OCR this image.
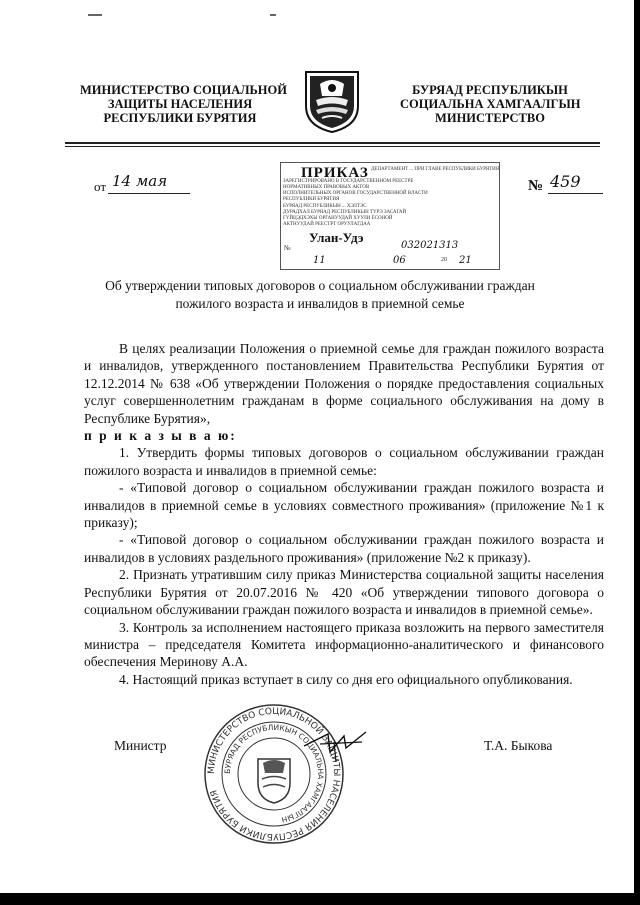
МИНИСТЕРСТВО СОЦИАЛЬНОЙ
ЗАЩИТЫ НАСЕЛЕНИЯ
РЕСПУБЛИКИ БУРЯТИЯ
БУРЯАД РЕСПУБЛИКЫН
СОЦИАЛЬНА ХАМГААЛГЫН
МИНИСТЕРСТВО
от 14 мая	ПРИКАЗ ДЕПАРТАМЕНТ ... ПРИ ГЛАВЕ РЕСПУБЛИКИ БУРЯТИЯ
ЗАРЕГИСТРИРОВАНО В ГОСУДАРСТВЕННОМ РЕЕСТРЕ
НОРМАТИВНЫХ ПРАВОВЫХ АКТОВ
ИСПОЛНИТЕЛЬНЫХ ОРГАНОВ ГОСУДАРСТВЕННОЙ ВЛАСТИ
РЕСПУБЛИКИ БУРЯТИЯ
БУРЯАД РЕСПУБЛИКЫН ... ХЭЛТЭС
ДУРАДХАЛ БУРЯАД РЕСПУБЛИКЫН ТҮРЭ ЗАСАГАЙ
ГҮЙЦЭДХЭХЫ ОРГАНУУДАЙ ХУУЛИ ЁСОНОЙ
АКТНУУДАЙ РЕЕСТРТ ОРУУЛАГДАА
Улан-Удэ
№	032021313
11	06	20 21
№ 459
Об утверждении типовых договоров о социальном обслуживании граждан
пожилого возраста и инвалидов в приемной семье

В целях реализации Положения о приемной семье для граждан пожилого возраста и инвалидов, утвержденного постановлением Правительства Республики Бурятия от 12.12.2014 № 638 «Об утверждении Положения о порядке предоставления социальных услуг совершеннолетним гражданам в форме социального обслуживания на дому в Республике Бурятия»,

п р и к а з ы в а ю:

1. Утвердить формы типовых договоров о социальном обслуживании граждан пожилого возраста и инвалидов в приемной семье:

- «Типовой договор о социальном обслуживании граждан пожилого возраста и инвалидов в приемной семье в условиях совместного проживания» (приложение №1 к приказу);

- «Типовой договор о социальном обслуживании граждан пожилого возраста и инвалидов в условиях раздельного проживания» (приложение №2 к приказу).

2. Признать утратившим силу приказ Министерства социальной защиты населения Республики Бурятия от 20.07.2016 № 420 «Об утверждении типового договора о социальном обслуживании граждан пожилого возраста и инвалидов в приемной семье».

3. Контроль за исполнением настоящего приказа возложить на первого заместителя министра – председателя Комитета информационно-аналитического и финансового обеспечения Меринову А.А.

4. Настоящий приказ вступает в силу со дня его официального опубликования.

Министр
МИНИСТЕРСТВО СОЦИАЛЬНОЙ ЗАЩИТЫ НАСЕЛЕНИЯ РЕСПУБЛИКИ БУРЯТИЯ
БУРЯАД РЕСПУБЛИКЫН СОЦИАЛЬНА ХАМГААЛГЫН
Т.А. Быкова
